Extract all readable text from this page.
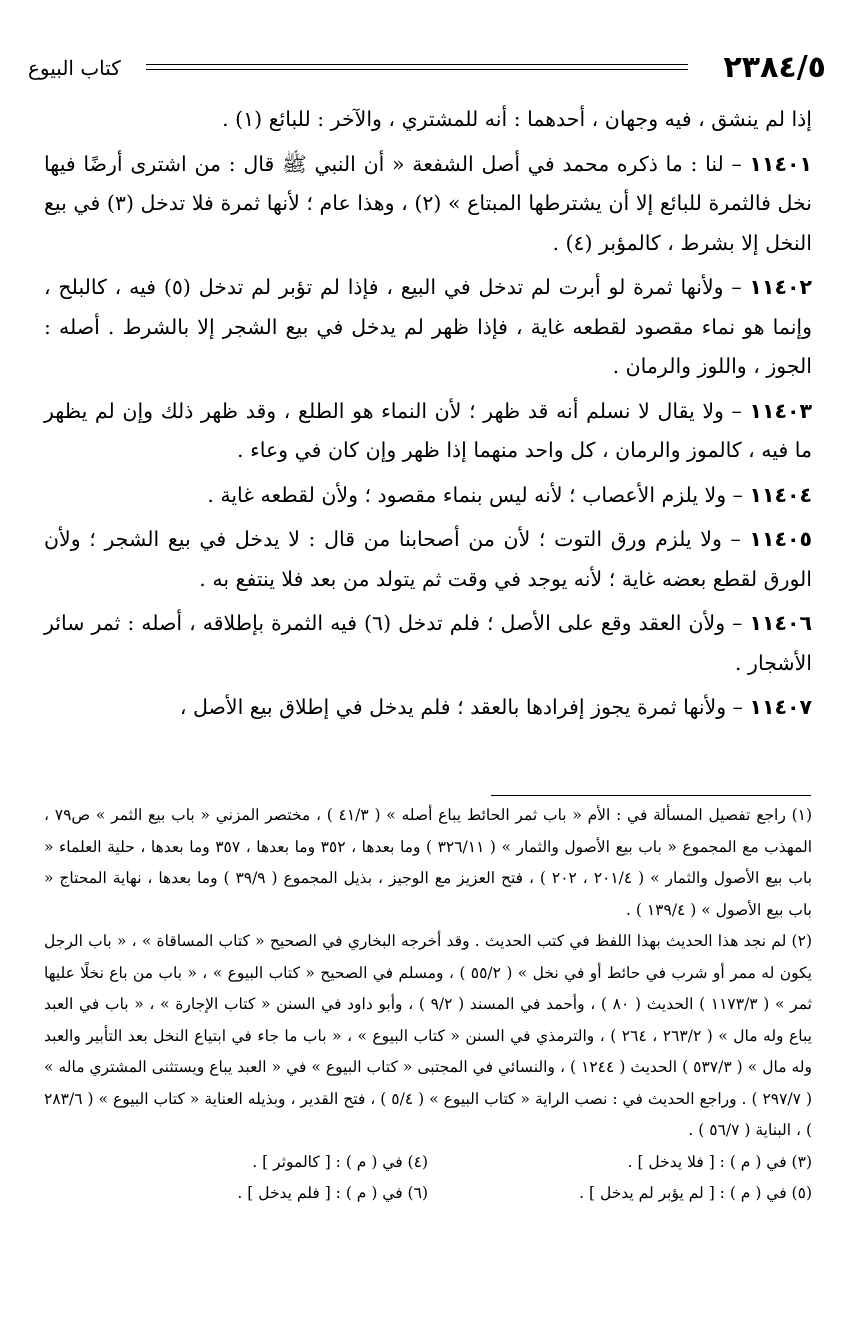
كتاب البيوع	٢٣٨٤/٥

إذا لم ينشق ، فيه وجهان ، أحدهما : أنه للمشتري ، والآخر : للبائع (١) .

١١٤٠١ – لنا : ما ذكره محمد في أصل الشفعة « أن النبي ﷺ قال : من اشترى أرضًا فيها نخل فالثمرة للبائع إلا أن يشترطها المبتاع » (٢) ، وهذا عام ؛ لأنها ثمرة فلا تدخل (٣) في بيع النخل إلا بشرط ، كالمؤبر (٤) .

١١٤٠٢ – ولأنها ثمرة لو أبرت لم تدخل في البيع ، فإذا لم تؤبر لم تدخل (٥) فيه ، كالبلح ، وإنما هو نماء مقصود لقطعه غاية ، فإذا ظهر لم يدخل في بيع الشجر إلا بالشرط . أصله : الجوز ، واللوز والرمان .

١١٤٠٣ – ولا يقال لا نسلم أنه قد ظهر ؛ لأن النماء هو الطلع ، وقد ظهر ذلك وإن لم يظهر ما فيه ، كالموز والرمان ، كل واحد منهما إذا ظهر وإن كان في وعاء .

١١٤٠٤ – ولا يلزم الأعصاب ؛ لأنه ليس بنماء مقصود ؛ ولأن لقطعه غاية .

١١٤٠٥ – ولا يلزم ورق التوت ؛ لأن من أصحابنا من قال : لا يدخل في بيع الشجر ؛ ولأن الورق لقطع بعضه غاية ؛ لأنه يوجد في وقت ثم يتولد من بعد فلا ينتفع به .

١١٤٠٦ – ولأن العقد وقع على الأصل ؛ فلم تدخل (٦) فيه الثمرة بإطلاقه ، أصله : ثمر سائر الأشجار .

١١٤٠٧ – ولأنها ثمرة يجوز إفرادها بالعقد ؛ فلم يدخل في إطلاق بيع الأصل ،

(١) راجع تفصيل المسألة في : الأم « باب ثمر الحائط يباع أصله » ( ٤١/٣ ) ، مختصر المزني « باب بيع الثمر » ص٧٩ ، المهذب مع المجموع « باب بيع الأصول والثمار » ( ٣٢٦/١١ ) وما بعدها ، ٣٥٢ وما بعدها ، ٣٥٧ وما بعدها ، حلية العلماء « باب بيع الأصول والثمار » ( ٢٠١/٤ ، ٢٠٢ ) ، فتح العزيز مع الوجيز ، بذيل المجموع ( ٣٩/٩ ) وما بعدها ، نهاية المحتاج « باب بيع الأصول » ( ١٣٩/٤ ) .

(٢) لم نجد هذا الحديث بهذا اللفظ في كتب الحديث . وقد أخرجه البخاري في الصحيح « كتاب المساقاة » ، « باب الرجل يكون له ممر أو شرب في حائط أو في نخل » ( ٥٥/٢ ) ، ومسلم في الصحيح « كتاب البيوع » ، « باب من باع نخلًا عليها ثمر » ( ١١٧٣/٣ ) الحديث ( ٨٠ ) ، وأحمد في المسند ( ٩/٢ ) ، وأبو داود في السنن « كتاب الإجارة » ، « باب في العبد يباع وله مال » ( ٢٦٣/٢ ، ٢٦٤ ) ، والترمذي في السنن « كتاب البيوع » ، « باب ما جاء في ابتياع النخل بعد التأبير والعبد وله مال » ( ٥٣٧/٣ ) الحديث ( ١٢٤٤ ) ، والنسائي في المجتبى « كتاب البيوع » في « العبد يباع ويستثنى المشتري ماله » ( ٢٩٧/٧ ) . وراجع الحديث في : نصب الراية « كتاب البيوع » ( ٥/٤ ) ، فتح القدير ، وبذيله العناية « كتاب البيوع » ( ٢٨٣/٦ ) ، البناية ( ٥٦/٧ ) .

(٣) في ( م ) : [ فلا يدخل ] .
(٤) في ( م ) : [ كالموثر ] .
(٥) في ( م ) : [ لم يؤبر لم يدخل ] .
(٦) في ( م ) : [ فلم يدخل ] .
